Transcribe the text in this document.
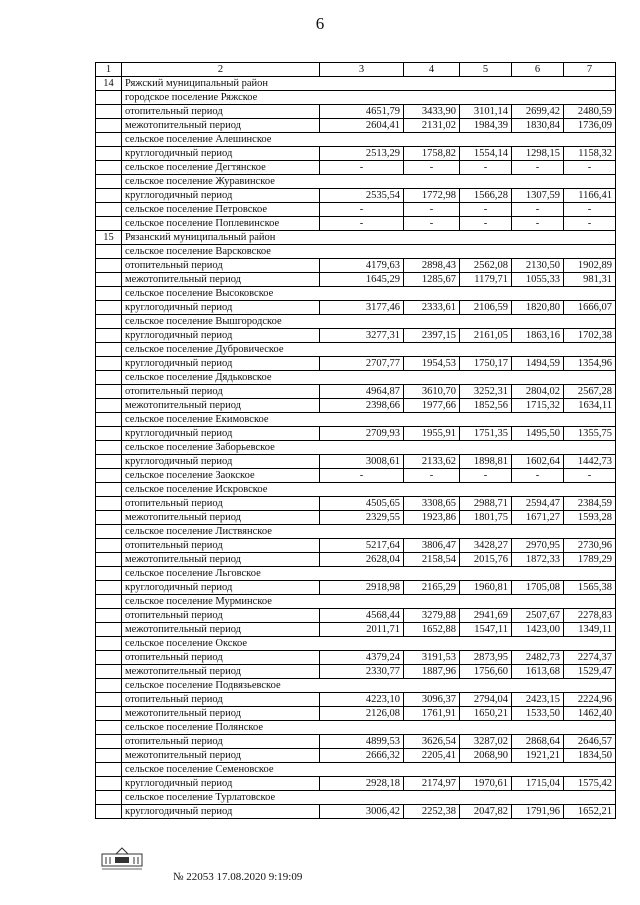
6
1	2	3	4	5	6	7
14	Ряжский муниципальный район					
	городское поселение Ряжское					
	отопительный период	4651,79	3433,90	3101,14	2699,42	2480,59
	межотопительный период	2604,41	2131,02	1984,39	1830,84	1736,09
	сельское поселение Алешинское					
	круглогодичный период	2513,29	1758,82	1554,14	1298,15	1158,32
	сельское поселение Дегтянское	-	-	-	-	-
	сельское поселение Журавинское					
	круглогодичный период	2535,54	1772,98	1566,28	1307,59	1166,41
	сельское поселение Петровское	-	-	-	-	-
	сельское поселение Поплевинское	-	-	-	-	-
15	Рязанский муниципальный район					
	сельское поселение Варсковское					
	отопительный период	4179,63	2898,43	2562,08	2130,50	1902,89
	межотопительный период	1645,29	1285,67	1179,71	1055,33	981,31
	сельское поселение Высоковское					
	круглогодичный период	3177,46	2333,61	2106,59	1820,80	1666,07
	сельское поселение Вышгородское					
	круглогодичный период	3277,31	2397,15	2161,05	1863,16	1702,38
	сельское поселение Дубровическое					
	круглогодичный период	2707,77	1954,53	1750,17	1494,59	1354,96
	сельское поселение Дядьковское					
	отопительный период	4964,87	3610,70	3252,31	2804,02	2567,28
	межотопительный период	2398,66	1977,66	1852,56	1715,32	1634,11
	сельское поселение Екимовское					
	круглогодичный период	2709,93	1955,91	1751,35	1495,50	1355,75
	сельское поселение Заборьевское					
	круглогодичный период	3008,61	2133,62	1898,81	1602,64	1442,73
	сельское поселение Заокское	-	-	-	-	-
	сельское поселение Искровское					
	отопительный период	4505,65	3308,65	2988,71	2594,47	2384,59
	межотопительный период	2329,55	1923,86	1801,75	1671,27	1593,28
	сельское поселение Листвянское					
	отопительный период	5217,64	3806,47	3428,27	2970,95	2730,96
	межотопительный период	2628,04	2158,54	2015,76	1872,33	1789,29
	сельское поселение Льговское					
	круглогодичный период	2918,98	2165,29	1960,81	1705,08	1565,38
	сельское поселение Мурминское					
	отопительный период	4568,44	3279,88	2941,69	2507,67	2278,83
	межотопительный период	2011,71	1652,88	1547,11	1423,00	1349,11
	сельское поселение Окское					
	отопительный период	4379,24	3191,53	2873,95	2482,73	2274,37
	межотопительный период	2330,77	1887,96	1756,60	1613,68	1529,47
	сельское поселение Подвязьевское					
	отопительный период	4223,10	3096,37	2794,04	2423,15	2224,96
	межотопительный период	2126,08	1761,91	1650,21	1533,50	1462,40
	сельское поселение Полянское					
	отопительный период	4899,53	3626,54	3287,02	2868,64	2646,57
	межотопительный период	2666,32	2205,41	2068,90	1921,21	1834,50
	сельское поселение Семеновское					
	круглогодичный период	2928,18	2174,97	1970,61	1715,04	1575,42
	сельское поселение Турлатовское					
	круглогодичный период	3006,42	2252,38	2047,82	1791,96	1652,21
№ 22053 17.08.2020 9:19:09
